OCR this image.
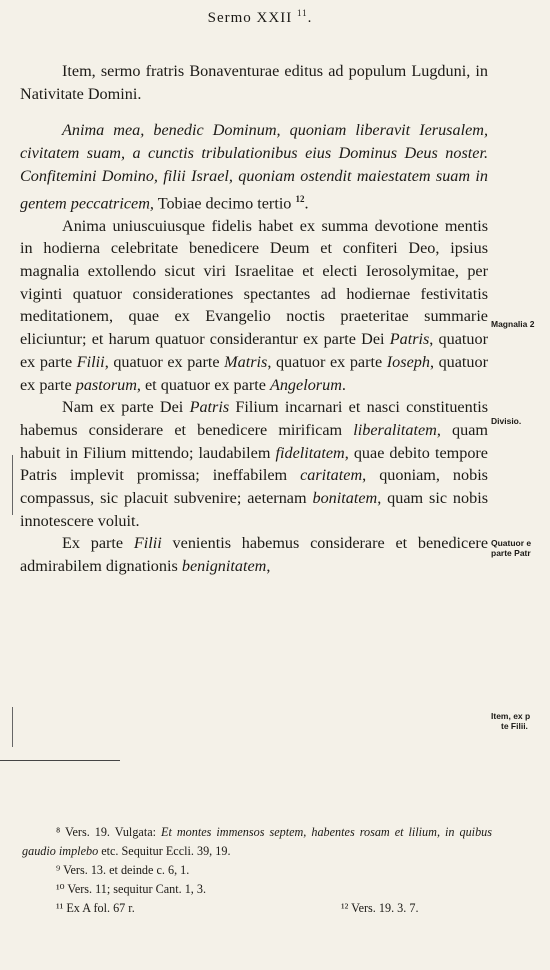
Sermo XXII $^{11}$.

Item, sermo fratris Bonaventurae editus ad populum Lugduni, in Nativitate Domini.

Anima mea, benedic Dominum, quoniam liberavit Ierusalem, civitatem suam, a cunctis tribulationibus eius Dominus Deus noster. Confitemini Domino, filii Israel, quoniam ostendit maiestatem suam in gentem peccatricem, Tobiae decimo tertio $^{12}$.

Anima uniuscuiusque fidelis habet ex summa devotione mentis in hodierna celebritate benedicere Deum et confiteri Deo, ipsius magnalia extollendo sicut viri Israelitae et electi Ierosolymitae, per viginti quatuor considerationes spectantes ad hodiernae festivitatis meditationem, quae ex Evangelio noctis praeteritae summarie eliciuntur; et harum quatuor considerantur ex parte Dei Patris, quatuor ex parte Filii, quatuor ex parte Matris, quatuor ex parte Ioseph, quatuor ex parte pastorum, et quatuor ex parte Angelorum.

Nam ex parte Dei Patris Filium incarnari et nasci constituentis habemus considerare et benedicere mirificam liberalitatem, quam habuit in Filium mittendo; laudabilem fidelitatem, quae debito tempore Patris implevit promissa; ineffabilem caritatem, quoniam, nobis compassus, sic placuit subvenire; aeternam bonitatem, quam sic nobis innotescere voluit.

Ex parte Filii venientis habemus considerare et benedicere admirabilem dignationis benignitatem,

Magnalia 2
Divisio.
Quatuor e
parte Patr
Item, ex p
te Filii.
⁸ Vers. 19. Vulgata: Et montes immensos septem, habentes rosam et lilium, in quibus gaudio implebo etc. Sequitur Eccli. 39, 19.
⁹ Vers. 13. et deinde c. 6, 1.
¹⁰ Vers. 11; sequitur Cant. 1, 3.
¹¹ Ex A fol. 67 r.	¹² Vers. 19. 3. 7.
